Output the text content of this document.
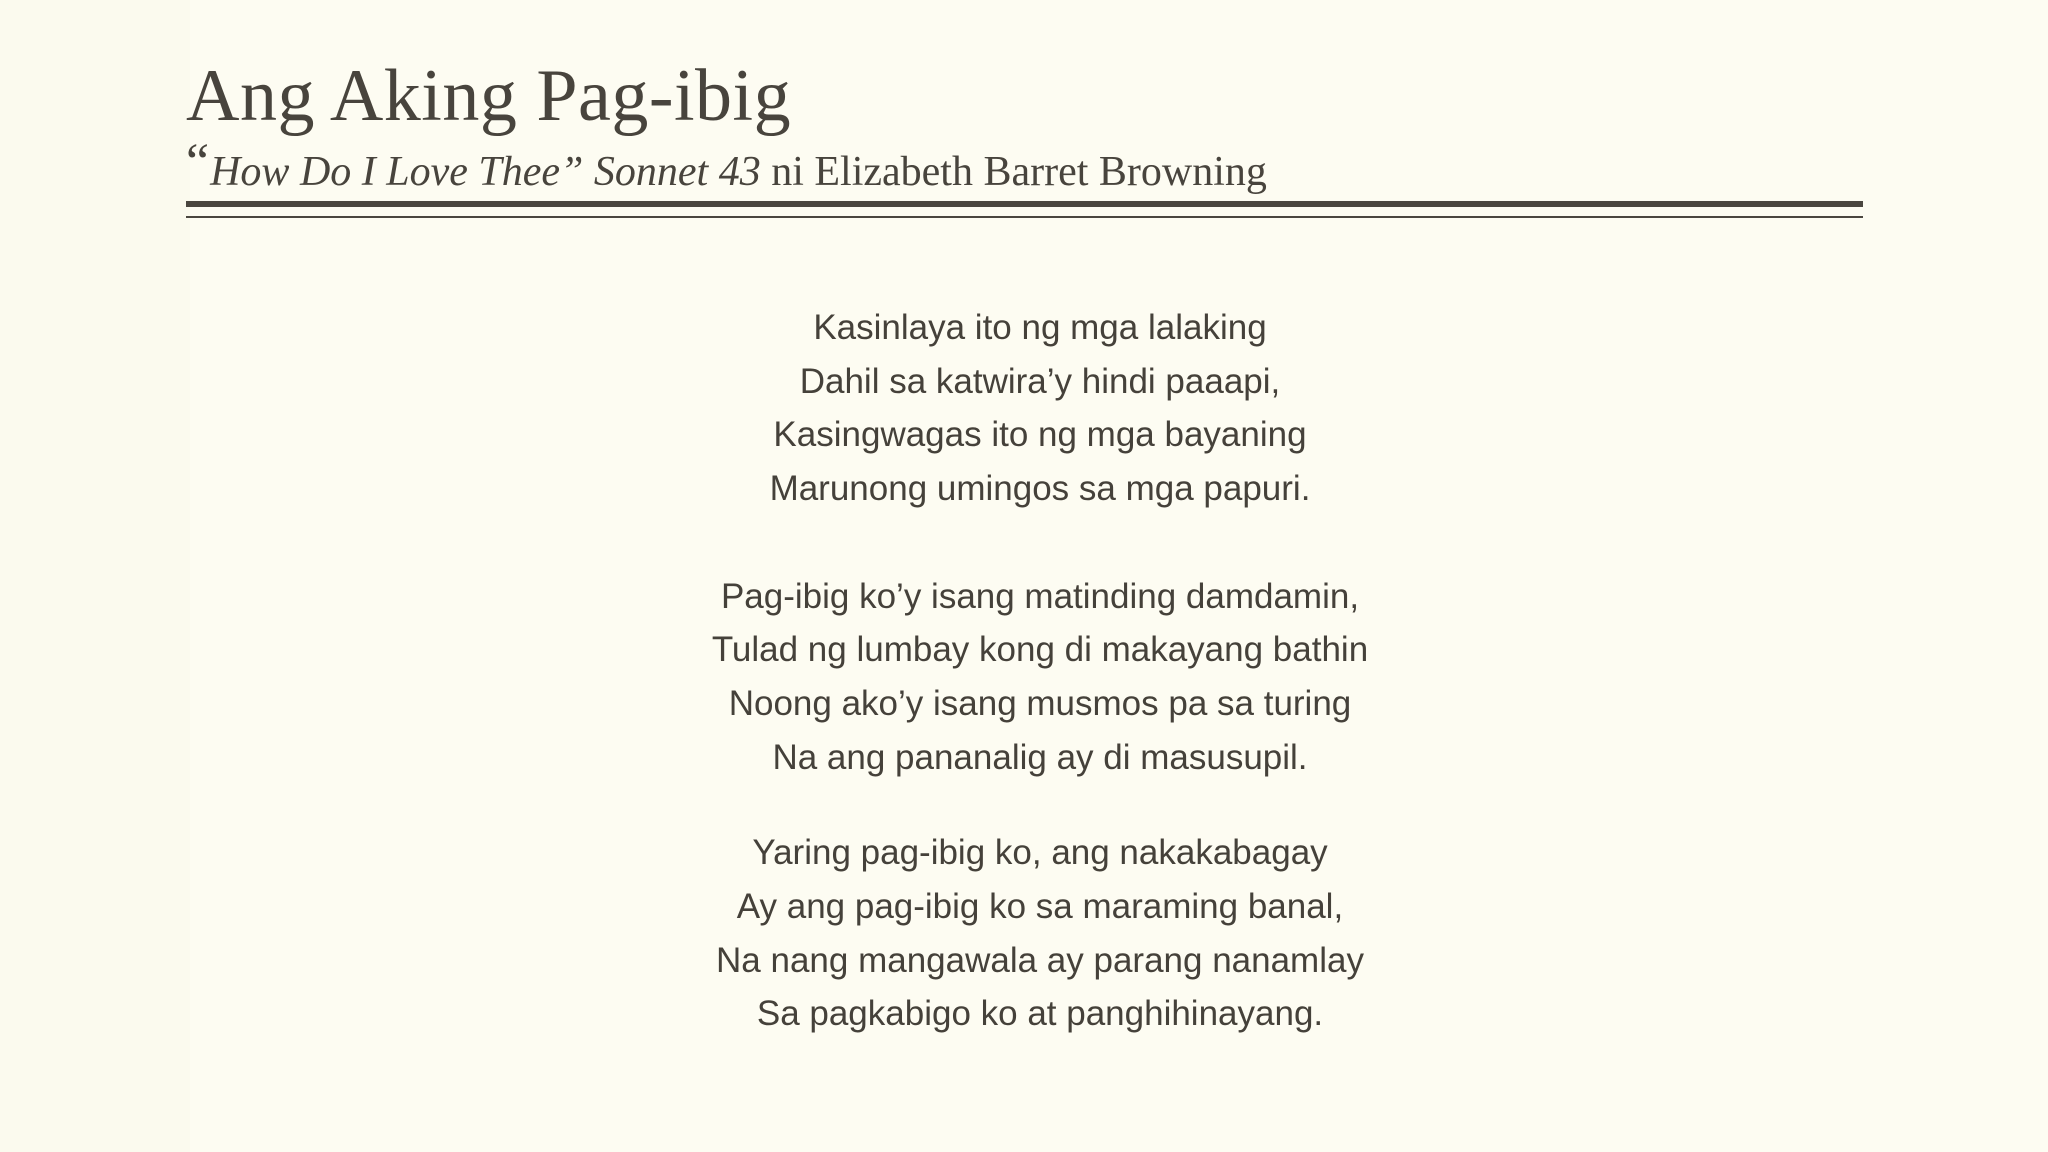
Ang Aking Pag-ibig
“How Do I Love Thee” Sonnet 43 ni Elizabeth Barret Browning
Kasinlaya ito ng mga lalaking
Dahil sa katwira’y hindi paaapi,
Kasingwagas ito ng mga bayaning
Marunong umingos sa mga papuri.
Pag-ibig ko’y isang matinding damdamin,
Tulad ng lumbay kong di makayang bathin
Noong ako’y isang musmos pa sa turing
Na ang pananalig ay di masusupil.
Yaring pag-ibig ko, ang nakakabagay
Ay ang pag-ibig ko sa maraming banal,
Na nang mangawala ay parang nanamlay
Sa pagkabigo ko at panghihinayang.
